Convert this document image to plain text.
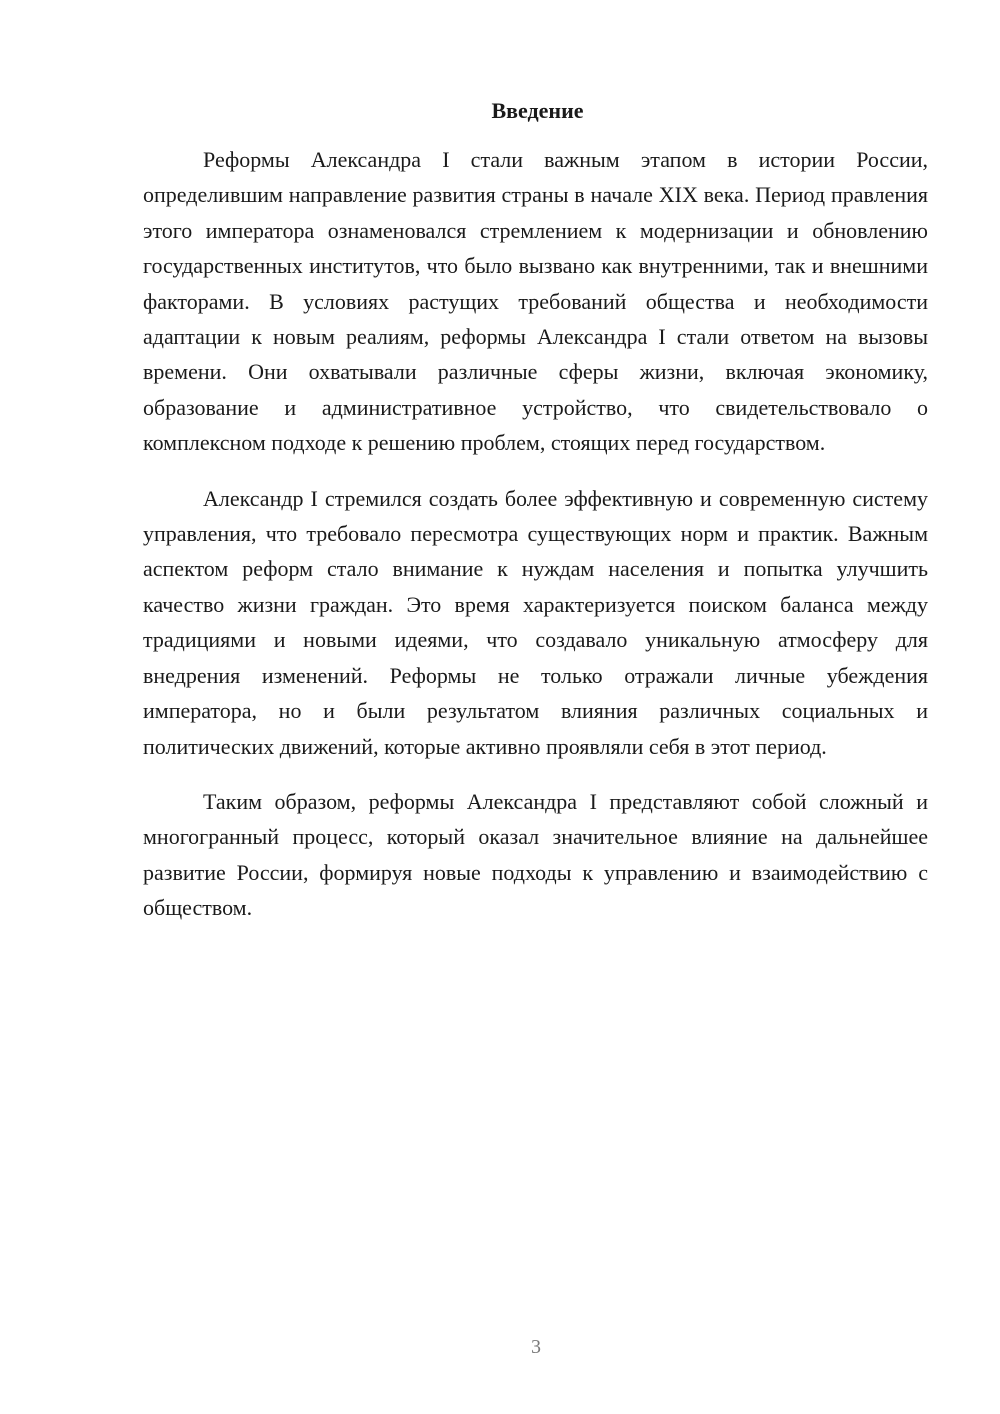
Введение

Реформы Александра I стали важным этапом в истории России, определившим направление развития страны в начале XIX века. Период правления этого императора ознаменовался стремлением к модернизации и обновлению государственных институтов, что было вызвано как внутренними, так и внешними факторами. В условиях растущих требований общества и необходимости адаптации к новым реалиям, реформы Александра I стали ответом на вызовы времени. Они охватывали различные сферы жизни, включая экономику, образование и административное устройство, что свидетельствовало о комплексном подходе к решению проблем, стоящих перед государством.

Александр I стремился создать более эффективную и современную систему управления, что требовало пересмотра существующих норм и практик. Важным аспектом реформ стало внимание к нуждам населения и попытка улучшить качество жизни граждан. Это время характеризуется поиском баланса между традициями и новыми идеями, что создавало уникальную атмосферу для внедрения изменений. Реформы не только отражали личные убеждения императора, но и были результатом влияния различных социальных и политических движений, которые активно проявляли себя в этот период.

Таким образом, реформы Александра I представляют собой сложный и многогранный процесс, который оказал значительное влияние на дальнейшее развитие России, формируя новые подходы к управлению и взаимодействию с обществом.

3
